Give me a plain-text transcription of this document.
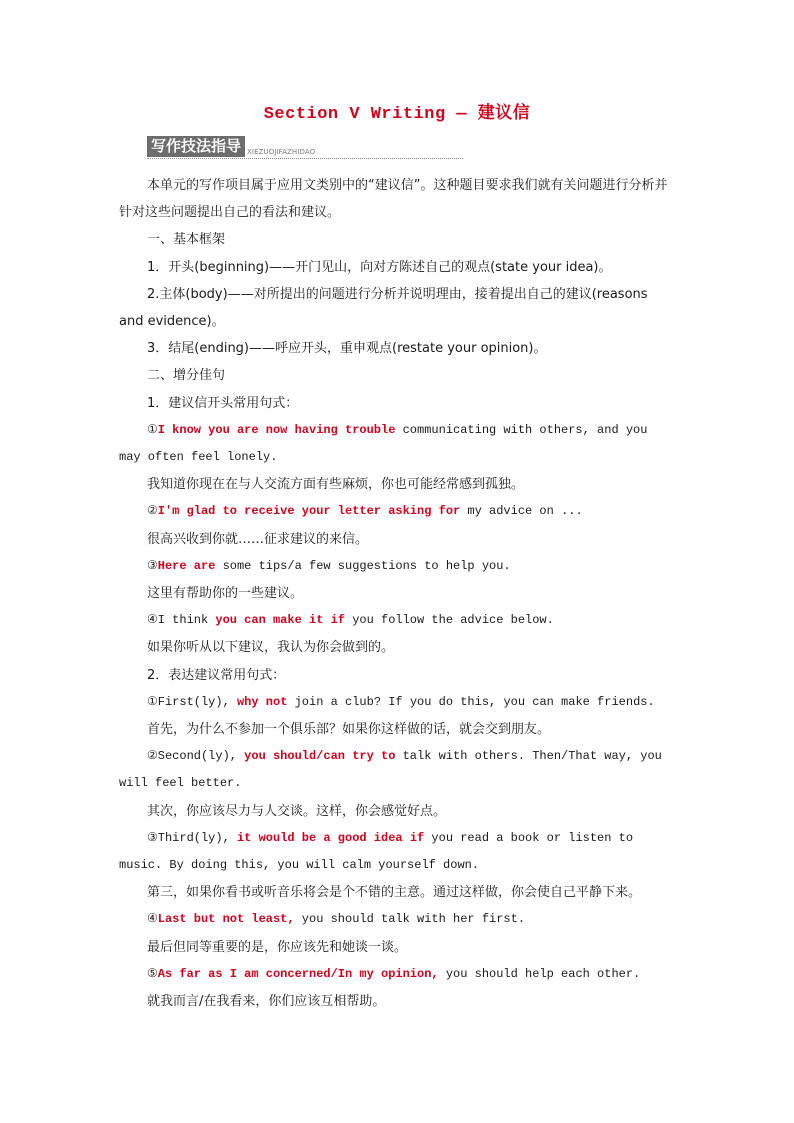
Section V Writing — 建议信
写作技法指导 XIEZUOJIFAZHIDAO

本单元的写作项目属于应用文类别中的“建议信”。这种题目要求我们就有关问题进行分析并针对这些问题提出自己的看法和建议。

一、基本框架

1．开头(beginning)——开门见山，向对方陈述自己的观点(state your idea)。

2.主体(body)——对所提出的问题进行分析并说明理由，接着提出自己的建议(reasons and evidence)。

3．结尾(ending)——呼应开头，重申观点(restate your opinion)。

二、增分佳句

1．建议信开头常用句式：

①I know you are now having trouble communicating with others, and you may often feel lonely.

我知道你现在在与人交流方面有些麻烦，你也可能经常感到孤独。

②I'm glad to receive your letter asking for my advice on ...

很高兴收到你就……征求建议的来信。

③Here are some tips/a few suggestions to help you.

这里有帮助你的一些建议。

④I think you can make it if you follow the advice below.

如果你听从以下建议，我认为你会做到的。

2．表达建议常用句式：

①First(ly), why not join a club? If you do this, you can make friends.

首先，为什么不参加一个俱乐部？如果你这样做的话，就会交到朋友。

②Second(ly), you should/can try to talk with others. Then/That way, you will feel better.

其次，你应该尽力与人交谈。这样，你会感觉好点。

③Third(ly), it would be a good idea if you read a book or listen to music. By doing this, you will calm yourself down.

第三，如果你看书或听音乐将会是个不错的主意。通过这样做，你会使自己平静下来。

④Last but not least, you should talk with her first.

最后但同等重要的是，你应该先和她谈一谈。

⑤As far as I am concerned/In my opinion, you should help each other.

就我而言/在我看来，你们应该互相帮助。
